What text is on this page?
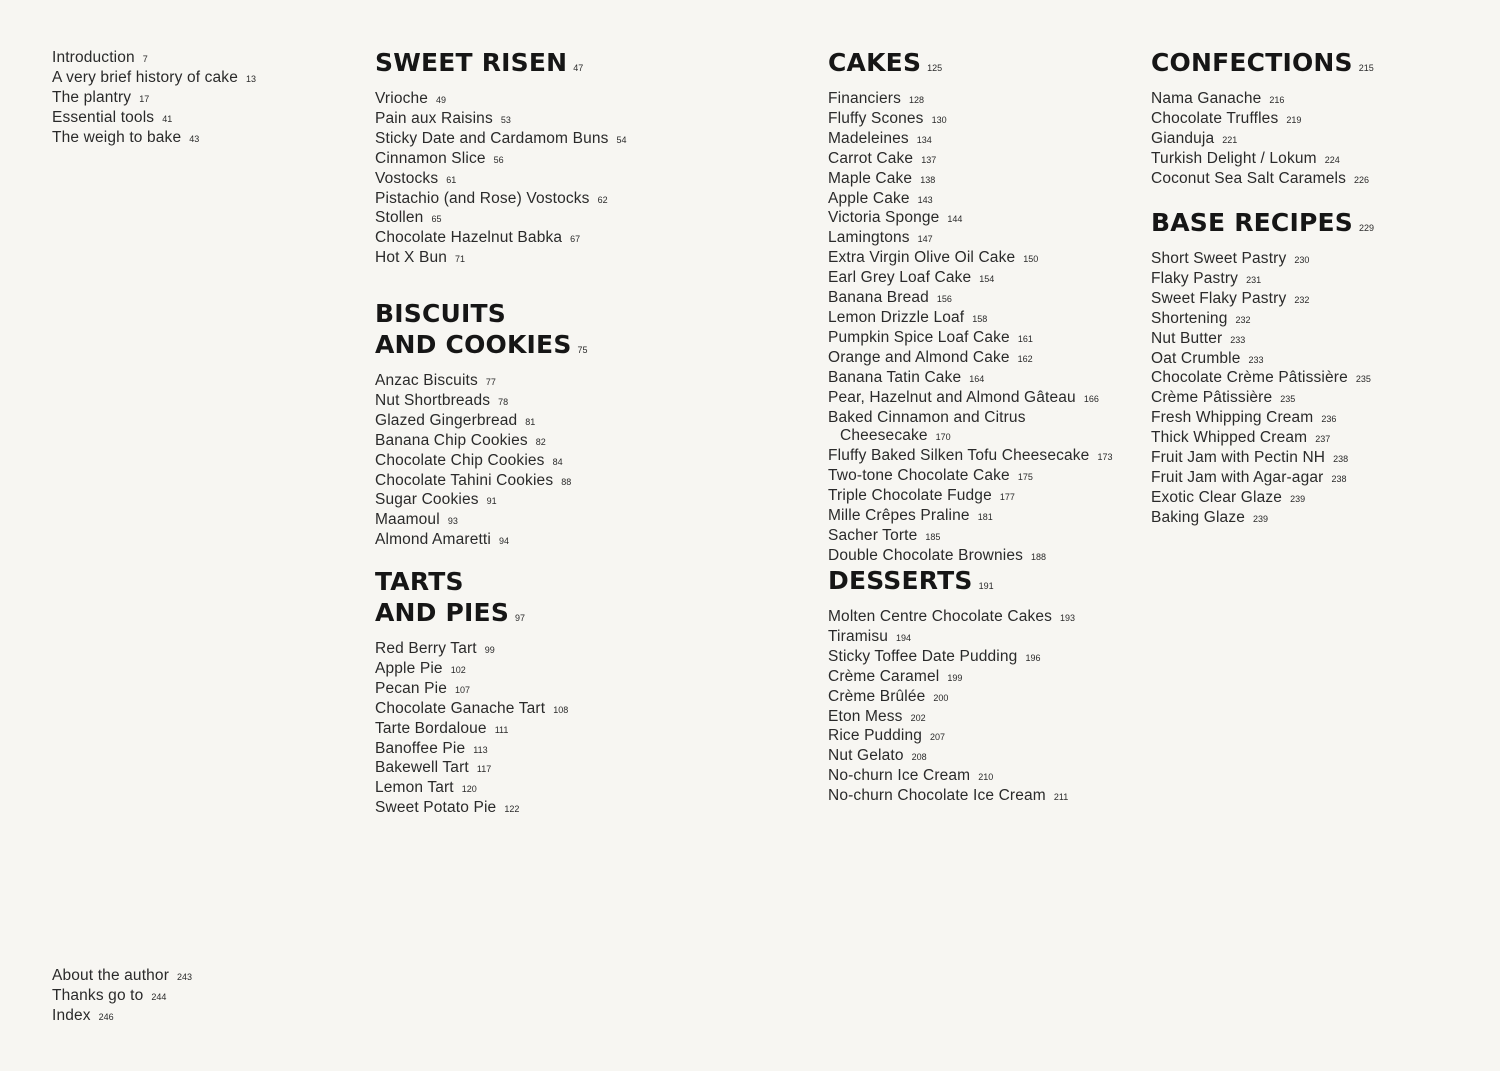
Introduction 7
A very brief history of cake 13
The plantry 17
Essential tools 41
The weigh to bake 43
About the author 243
Thanks go to 244
Index 246
SWEET RISEN 47
Vrioche 49
Pain aux Raisins 53
Sticky Date and Cardamom Buns 54
Cinnamon Slice 56
Vostocks 61
Pistachio (and Rose) Vostocks 62
Stollen 65
Chocolate Hazelnut Babka 67
Hot X Bun 71
BISCUITS
AND COOKIES 75
Anzac Biscuits 77
Nut Shortbreads 78
Glazed Gingerbread 81
Banana Chip Cookies 82
Chocolate Chip Cookies 84
Chocolate Tahini Cookies 88
Sugar Cookies 91
Maamoul 93
Almond Amaretti 94
TARTS
AND PIES 97
Red Berry Tart 99
Apple Pie 102
Pecan Pie 107
Chocolate Ganache Tart 108
Tarte Bordaloue 111
Banoffee Pie 113
Bakewell Tart 117
Lemon Tart 120
Sweet Potato Pie 122
CAKES 125
Financiers 128
Fluffy Scones 130
Madeleines 134
Carrot Cake 137
Maple Cake 138
Apple Cake 143
Victoria Sponge 144
Lamingtons 147
Extra Virgin Olive Oil Cake 150
Earl Grey Loaf Cake 154
Banana Bread 156
Lemon Drizzle Loaf 158
Pumpkin Spice Loaf Cake 161
Orange and Almond Cake 162
Banana Tatin Cake 164
Pear, Hazelnut and Almond Gâteau 166
Baked Cinnamon and Citrus
Cheesecake 170
Fluffy Baked Silken Tofu Cheesecake 173
Two-tone Chocolate Cake 175
Triple Chocolate Fudge 177
Mille Crêpes Praline 181
Sacher Torte 185
Double Chocolate Brownies 188
DESSERTS 191
Molten Centre Chocolate Cakes 193
Tiramisu 194
Sticky Toffee Date Pudding 196
Crème Caramel 199
Crème Brûlée 200
Eton Mess 202
Rice Pudding 207
Nut Gelato 208
No-churn Ice Cream 210
No-churn Chocolate Ice Cream 211
CONFECTIONS 215
Nama Ganache 216
Chocolate Truffles 219
Gianduja 221
Turkish Delight / Lokum 224
Coconut Sea Salt Caramels 226
BASE RECIPES 229
Short Sweet Pastry 230
Flaky Pastry 231
Sweet Flaky Pastry 232
Shortening 232
Nut Butter 233
Oat Crumble 233
Chocolate Crème Pâtissière 235
Crème Pâtissière 235
Fresh Whipping Cream 236
Thick Whipped Cream 237
Fruit Jam with Pectin NH 238
Fruit Jam with Agar-agar 238
Exotic Clear Glaze 239
Baking Glaze 239
